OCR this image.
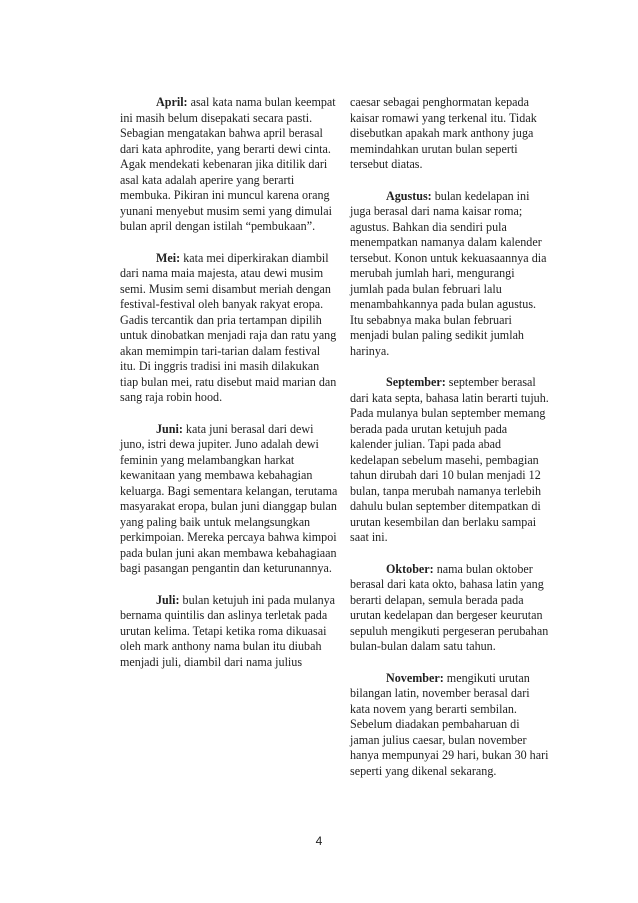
April: asal kata nama bulan keempat ini masih belum disepakati secara pasti. Sebagian mengatakan bahwa april berasal dari kata aphrodite, yang berarti dewi cinta. Agak mendekati kebenaran jika ditilik dari asal kata adalah aperire yang berarti membuka. Pikiran ini muncul karena orang yunani menyebut musim semi yang dimulai bulan april dengan istilah “pembukaan”.

Mei: kata mei diperkirakan diambil dari nama maia majesta, atau dewi musim semi. Musim semi disambut meriah dengan festival-festival oleh banyak rakyat eropa. Gadis tercantik dan pria tertampan dipilih untuk dinobatkan menjadi raja dan ratu yang akan memimpin tari-tarian dalam festival itu. Di inggris tradisi ini masih dilakukan tiap bulan mei, ratu disebut maid marian dan sang raja robin hood.

Juni: kata juni berasal dari dewi juno, istri dewa jupiter. Juno adalah dewi feminin yang melambangkan harkat kewanitaan yang membawa kebahagian keluarga. Bagi sementara kelangan, terutama masyarakat eropa, bulan juni dianggap bulan yang paling baik untuk melangsungkan perkimpoian. Mereka percaya bahwa kimpoi pada bulan juni akan membawa kebahagiaan bagi pasangan pengantin dan keturunannya.

Juli: bulan ketujuh ini pada mulanya bernama quintilis dan aslinya terletak pada urutan kelima. Tetapi ketika roma dikuasai oleh mark anthony nama bulan itu diubah menjadi juli, diambil dari nama julius

caesar sebagai penghormatan kepada kaisar romawi yang terkenal itu. Tidak disebutkan apakah mark anthony juga memindahkan urutan bulan seperti tersebut diatas.

Agustus: bulan kedelapan ini juga berasal dari nama kaisar roma; agustus. Bahkan dia sendiri pula menempatkan namanya dalam kalender tersebut. Konon untuk kekuasaannya dia merubah jumlah hari, mengurangi jumlah pada bulan februari lalu menambahkannya pada bulan agustus. Itu sebabnya maka bulan februari menjadi bulan paling sedikit jumlah harinya.

September: september berasal dari kata septa, bahasa latin berarti tujuh. Pada mulanya bulan september memang berada pada urutan ketujuh pada kalender julian. Tapi pada abad kedelapan sebelum masehi, pembagian tahun dirubah dari 10 bulan menjadi 12 bulan, tanpa merubah namanya terlebih dahulu bulan september ditempatkan di urutan kesembilan dan berlaku sampai saat ini.

Oktober: nama bulan oktober berasal dari kata okto, bahasa latin yang berarti delapan, semula berada pada urutan kedelapan dan bergeser keurutan sepuluh mengikuti pergeseran perubahan bulan-bulan dalam satu tahun.

November: mengikuti urutan bilangan latin, november berasal dari kata novem yang berarti sembilan. Sebelum diadakan pembaharuan di jaman julius caesar, bulan november hanya mempunyai 29 hari, bukan 30 hari seperti yang dikenal sekarang.

4
